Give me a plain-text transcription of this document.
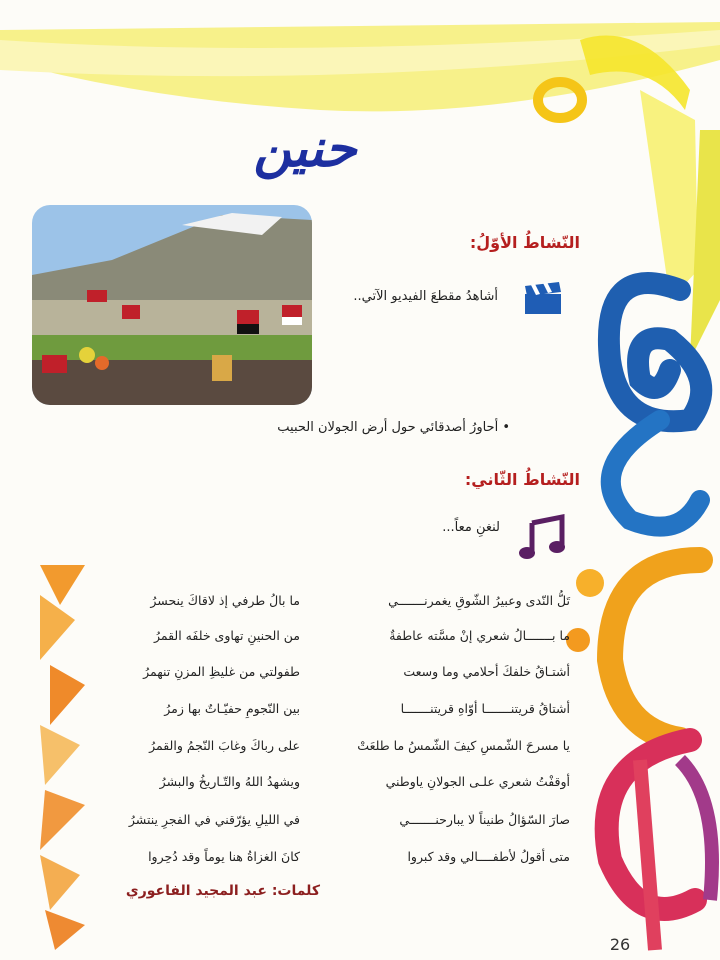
حنين
النّشاطُ الأوّلُ:
أشاهدُ مقطعَ الفيديو الآتي..
• أحاورُ أصدقائي حول أرض الجولان الحبيب
النّشاطُ الثّاني:
لنغنِ معاً...
تَلُّ النّدى وعبيرُ الشّوقِ يغمرنـــــــي
ما بالُ طرفي إذ لاقاكَ ينحسرُ
ما بـــــــالُ شعري إنْ مسَّته عاطفةٌ
من الحنينِ تهاوى خلفَه القمرُ
أشتـاقُ خلفكَ أحلامي وما وسعت
طفولتي من غليظِ المزنِ تنهمرُ
أشتاقُ قريتنـــــــا أوّاهِ قريتنـــــــا
بين النّجومِ حفيّـاتٌ بها زمرُ
يا مسرحَ الشّمسِ كيفَ الشّمسُ ما طلعَتْ
على رباكَ وغابَ النّجمُ والقمرُ
أوقفْتُ شعري علـى الجولانِ ياوطني
ويشهدُ اللهُ والتّـاريخُ والبشرُ
صارَ السّؤالُ طنيناً لا يبارحنـــــــي
في الليلِ يؤرّقني في الفجرِ ينتشرُ
متى أقولُ لأطفــــالي وقد كبروا
كانَ الغزاةُ هنا يوماً وقد دُحِروا
كلمات: عبد المجيد الفاعوري
26
